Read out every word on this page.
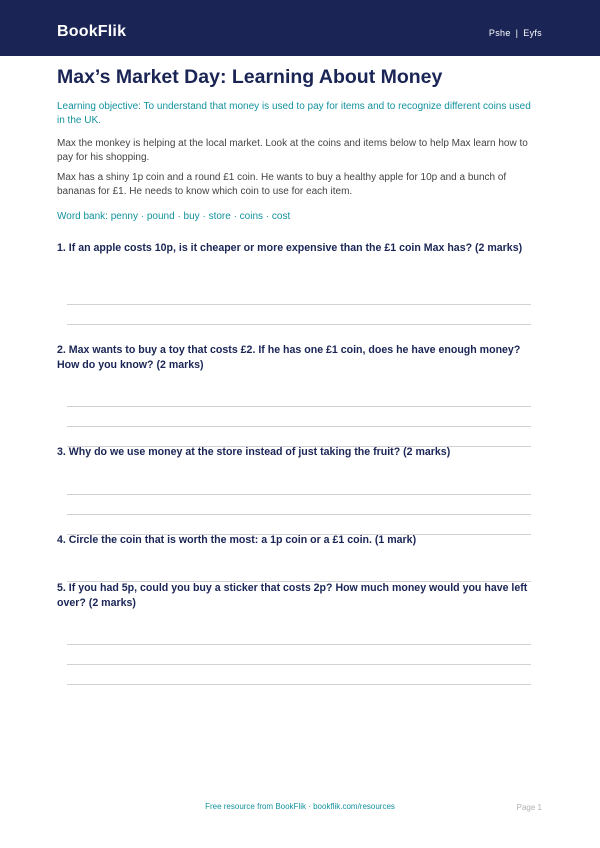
BookFlik	Pshe | Eyfs
Max’s Market Day: Learning About Money

Learning objective: To understand that money is used to pay for items and to recognize different coins used in the UK.

Max the monkey is helping at the local market. Look at the coins and items below to help Max learn how to pay for his shopping.

Max has a shiny 1p coin and a round £1 coin. He wants to buy a healthy apple for 10p and a bunch of bananas for £1. He needs to know which coin to use for each item.

Word bank: penny · pound · buy · store · coins · cost

1. If an apple costs 10p, is it cheaper or more expensive than the £1 coin Max has? (2 marks)

2. Max wants to buy a toy that costs £2. If he has one £1 coin, does he have enough money? How do you know? (2 marks)

3. Why do we use money at the store instead of just taking the fruit? (2 marks)

4. Circle the coin that is worth the most: a 1p coin or a £1 coin. (1 mark)

5. If you had 5p, could you buy a sticker that costs 2p? How much money would you have left over? (2 marks)

Free resource from BookFlik · bookflik.com/resources	Page 1
